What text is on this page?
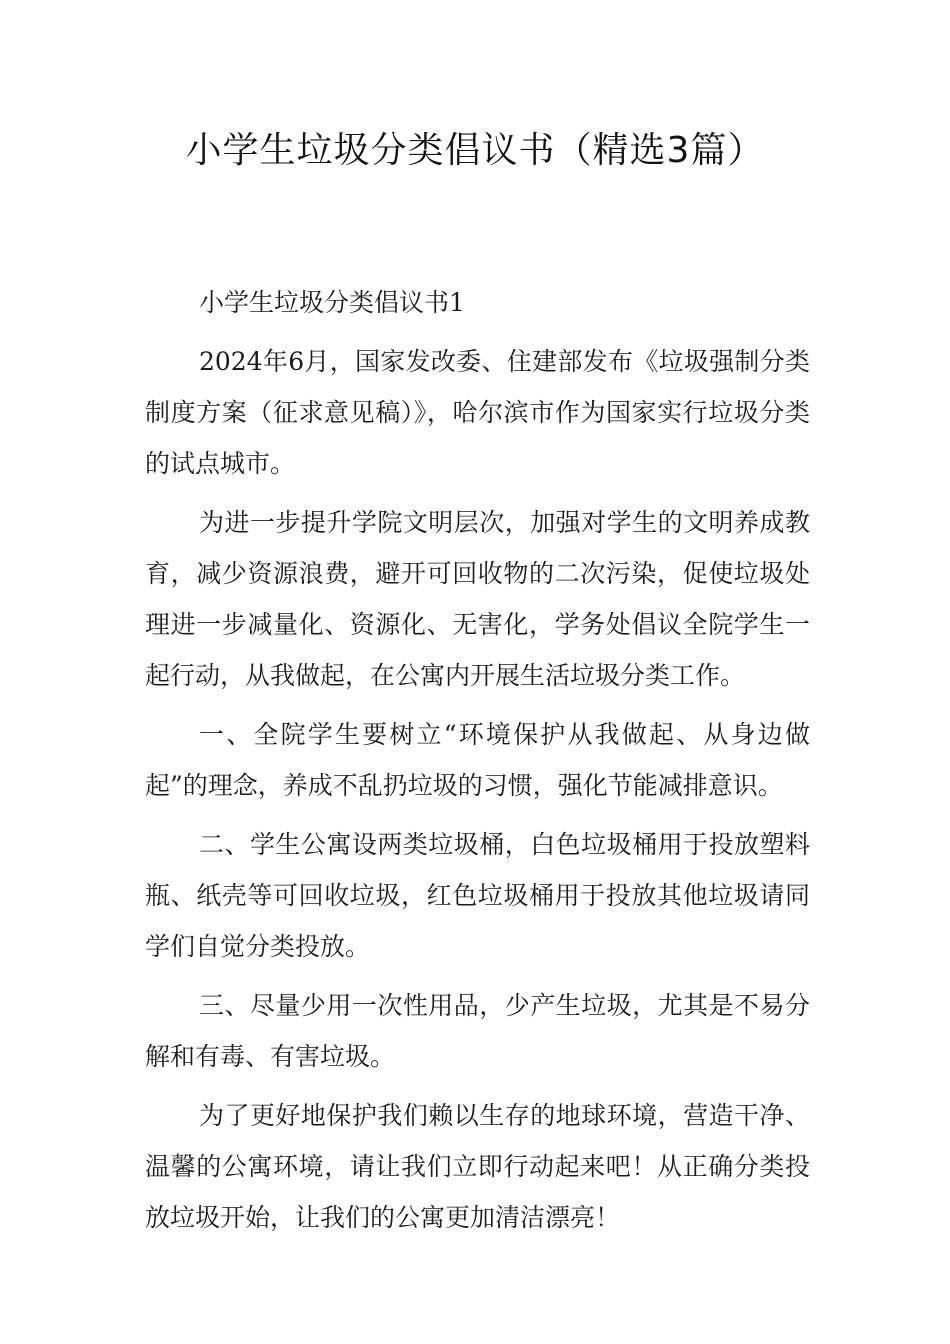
小学生垃圾分类倡议书（精选3篇）

小学生垃圾分类倡议书1

2024年6月，国家发改委、住建部发布《垃圾强制分类制度方案（征求意见稿）》，哈尔滨市作为国家实行垃圾分类的试点城市。

为进一步提升学院文明层次，加强对学生的文明养成教育，减少资源浪费，避开可回收物的二次污染，促使垃圾处理进一步减量化、资源化、无害化，学务处倡议全院学生一起行动，从我做起，在公寓内开展生活垃圾分类工作。

一、全院学生要树立“环境保护从我做起、从身边做起”的理念，养成不乱扔垃圾的习惯，强化节能减排意识。

二、学生公寓设两类垃圾桶，白色垃圾桶用于投放塑料瓶、纸壳等可回收垃圾，红色垃圾桶用于投放其他垃圾请同学们自觉分类投放。

三、尽量少用一次性用品，少产生垃圾，尤其是不易分解和有毒、有害垃圾。

为了更好地保护我们赖以生存的地球环境，营造干净、温馨的公寓环境，请让我们立即行动起来吧！从正确分类投放垃圾开始，让我们的公寓更加清洁漂亮！
